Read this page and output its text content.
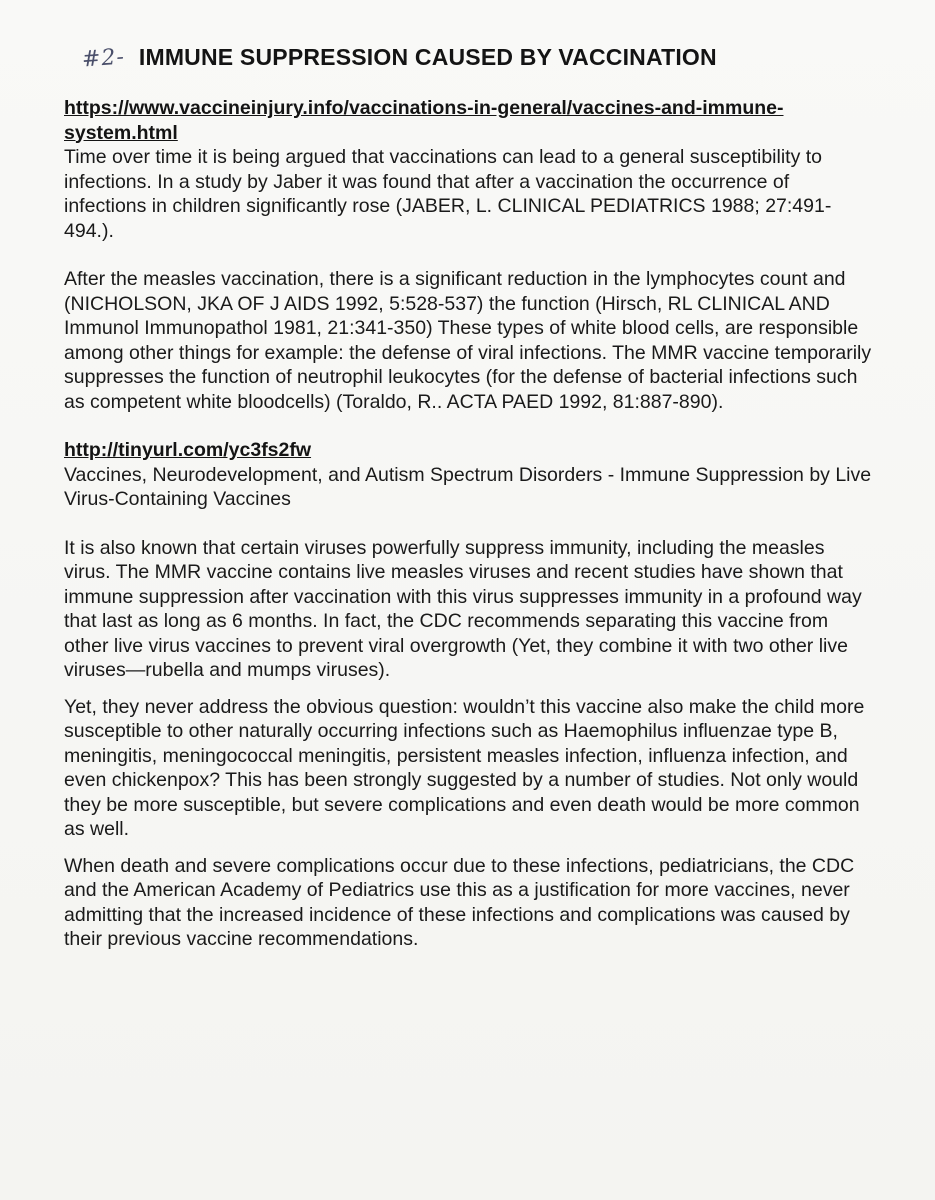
#2- IMMUNE SUPPRESSION CAUSED BY VACCINATION
https://www.vaccineinjury.info/vaccinations-in-general/vaccines-and-immune-system.html

Time over time it is being argued that vaccinations can lead to a general susceptibility to infections. In a study by Jaber it was found that after a vaccination the occurrence of infections in children significantly rose (JABER, L. CLINICAL PEDIATRICS 1988; 27:491-494.).

After the measles vaccination, there is a significant reduction in the lymphocytes count and (NICHOLSON, JKA OF J AIDS 1992, 5:528-537) the function (Hirsch, RL CLINICAL AND Immunol Immunopathol 1981, 21:341-350) These types of white blood cells, are responsible among other things for example: the defense of viral infections. The MMR vaccine temporarily suppresses the function of neutrophil leukocytes (for the defense of bacterial infections such as competent white bloodcells) (Toraldo, R.. ACTA PAED 1992, 81:887-890).

http://tinyurl.com/yc3fs2fw

Vaccines, Neurodevelopment, and Autism Spectrum Disorders - Immune Suppression by Live Virus-Containing Vaccines

It is also known that certain viruses powerfully suppress immunity, including the measles virus. The MMR vaccine contains live measles viruses and recent studies have shown that immune suppression after vaccination with this virus suppresses immunity in a profound way that last as long as 6 months. In fact, the CDC recommends separating this vaccine from other live virus vaccines to prevent viral overgrowth (Yet, they combine it with two other live viruses—rubella and mumps viruses).

Yet, they never address the obvious question: wouldn’t this vaccine also make the child more susceptible to other naturally occurring infections such as Haemophilus influenzae type B, meningitis, meningococcal meningitis, persistent measles infection, influenza infection, and even chickenpox? This has been strongly suggested by a number of studies. Not only would they be more susceptible, but severe complications and even death would be more common as well.

When death and severe complications occur due to these infections, pediatricians, the CDC and the American Academy of Pediatrics use this as a justification for more vaccines, never admitting that the increased incidence of these infections and complications was caused by their previous vaccine recommendations.
